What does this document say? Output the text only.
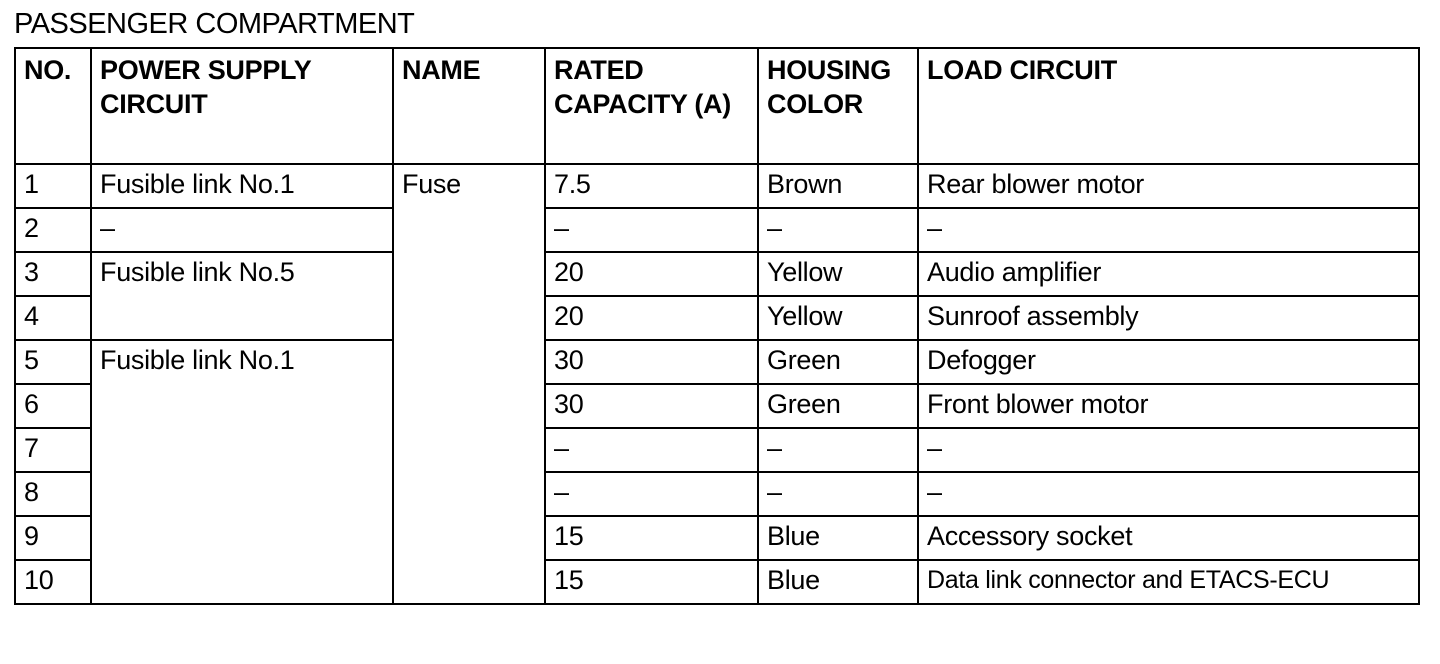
PASSENGER COMPARTMENT
NO.	POWER SUPPLY CIRCUIT	NAME	RATED CAPACITY (A)	HOUSING COLOR	LOAD CIRCUIT
1	Fusible link No.1	Fuse	7.5	Brown	Rear blower motor
2	–		–	–	–
3	Fusible link No.5		20	Yellow	Audio amplifier
4			20	Yellow	Sunroof assembly
5	Fusible link No.1		30	Green	Defogger
6			30	Green	Front blower motor
7			–	–	–
8			–	–	–
9			15	Blue	Accessory socket
10			15	Blue	Data link connector and ETACS-ECU
